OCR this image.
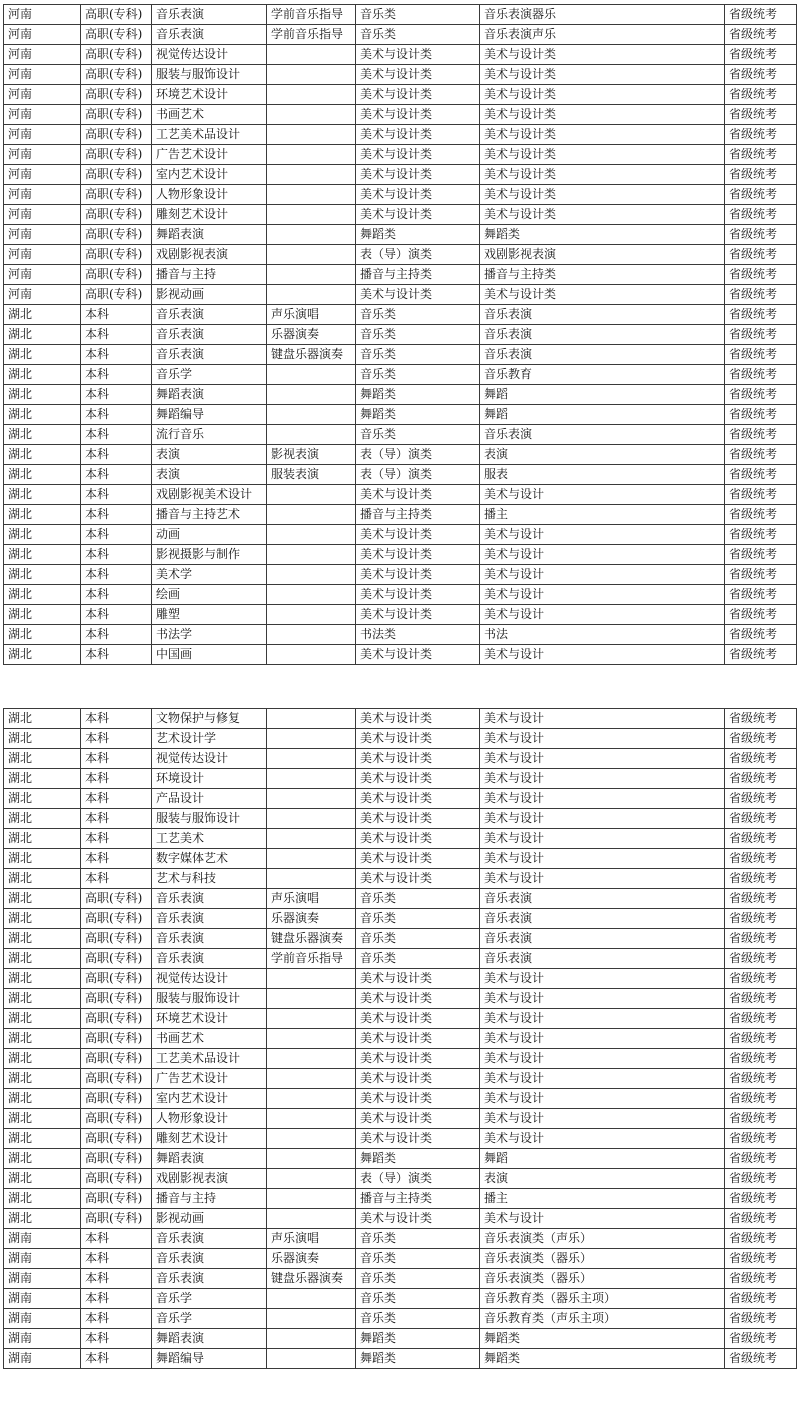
河南	高职(专科)	音乐表演	学前音乐指导	音乐类	音乐表演器乐	省级统考
河南	高职(专科)	音乐表演	学前音乐指导	音乐类	音乐表演声乐	省级统考
河南	高职(专科)	视觉传达设计		美术与设计类	美术与设计类	省级统考
河南	高职(专科)	服装与服饰设计		美术与设计类	美术与设计类	省级统考
河南	高职(专科)	环境艺术设计		美术与设计类	美术与设计类	省级统考
河南	高职(专科)	书画艺术		美术与设计类	美术与设计类	省级统考
河南	高职(专科)	工艺美术品设计		美术与设计类	美术与设计类	省级统考
河南	高职(专科)	广告艺术设计		美术与设计类	美术与设计类	省级统考
河南	高职(专科)	室内艺术设计		美术与设计类	美术与设计类	省级统考
河南	高职(专科)	人物形象设计		美术与设计类	美术与设计类	省级统考
河南	高职(专科)	雕刻艺术设计		美术与设计类	美术与设计类	省级统考
河南	高职(专科)	舞蹈表演		舞蹈类	舞蹈类	省级统考
河南	高职(专科)	戏剧影视表演		表（导）演类	戏剧影视表演	省级统考
河南	高职(专科)	播音与主持		播音与主持类	播音与主持类	省级统考
河南	高职(专科)	影视动画		美术与设计类	美术与设计类	省级统考
湖北	本科	音乐表演	声乐演唱	音乐类	音乐表演	省级统考
湖北	本科	音乐表演	乐器演奏	音乐类	音乐表演	省级统考
湖北	本科	音乐表演	键盘乐器演奏	音乐类	音乐表演	省级统考
湖北	本科	音乐学		音乐类	音乐教育	省级统考
湖北	本科	舞蹈表演		舞蹈类	舞蹈	省级统考
湖北	本科	舞蹈编导		舞蹈类	舞蹈	省级统考
湖北	本科	流行音乐		音乐类	音乐表演	省级统考
湖北	本科	表演	影视表演	表（导）演类	表演	省级统考
湖北	本科	表演	服装表演	表（导）演类	服表	省级统考
湖北	本科	戏剧影视美术设计		美术与设计类	美术与设计	省级统考
湖北	本科	播音与主持艺术		播音与主持类	播主	省级统考
湖北	本科	动画		美术与设计类	美术与设计	省级统考
湖北	本科	影视摄影与制作		美术与设计类	美术与设计	省级统考
湖北	本科	美术学		美术与设计类	美术与设计	省级统考
湖北	本科	绘画		美术与设计类	美术与设计	省级统考
湖北	本科	雕塑		美术与设计类	美术与设计	省级统考
湖北	本科	书法学		书法类	书法	省级统考
湖北	本科	中国画		美术与设计类	美术与设计	省级统考
湖北	本科	文物保护与修复		美术与设计类	美术与设计	省级统考
湖北	本科	艺术设计学		美术与设计类	美术与设计	省级统考
湖北	本科	视觉传达设计		美术与设计类	美术与设计	省级统考
湖北	本科	环境设计		美术与设计类	美术与设计	省级统考
湖北	本科	产品设计		美术与设计类	美术与设计	省级统考
湖北	本科	服装与服饰设计		美术与设计类	美术与设计	省级统考
湖北	本科	工艺美术		美术与设计类	美术与设计	省级统考
湖北	本科	数字媒体艺术		美术与设计类	美术与设计	省级统考
湖北	本科	艺术与科技		美术与设计类	美术与设计	省级统考
湖北	高职(专科)	音乐表演	声乐演唱	音乐类	音乐表演	省级统考
湖北	高职(专科)	音乐表演	乐器演奏	音乐类	音乐表演	省级统考
湖北	高职(专科)	音乐表演	键盘乐器演奏	音乐类	音乐表演	省级统考
湖北	高职(专科)	音乐表演	学前音乐指导	音乐类	音乐表演	省级统考
湖北	高职(专科)	视觉传达设计		美术与设计类	美术与设计	省级统考
湖北	高职(专科)	服装与服饰设计		美术与设计类	美术与设计	省级统考
湖北	高职(专科)	环境艺术设计		美术与设计类	美术与设计	省级统考
湖北	高职(专科)	书画艺术		美术与设计类	美术与设计	省级统考
湖北	高职(专科)	工艺美术品设计		美术与设计类	美术与设计	省级统考
湖北	高职(专科)	广告艺术设计		美术与设计类	美术与设计	省级统考
湖北	高职(专科)	室内艺术设计		美术与设计类	美术与设计	省级统考
湖北	高职(专科)	人物形象设计		美术与设计类	美术与设计	省级统考
湖北	高职(专科)	雕刻艺术设计		美术与设计类	美术与设计	省级统考
湖北	高职(专科)	舞蹈表演		舞蹈类	舞蹈	省级统考
湖北	高职(专科)	戏剧影视表演		表（导）演类	表演	省级统考
湖北	高职(专科)	播音与主持		播音与主持类	播主	省级统考
湖北	高职(专科)	影视动画		美术与设计类	美术与设计	省级统考
湖南	本科	音乐表演	声乐演唱	音乐类	音乐表演类（声乐）	省级统考
湖南	本科	音乐表演	乐器演奏	音乐类	音乐表演类（器乐）	省级统考
湖南	本科	音乐表演	键盘乐器演奏	音乐类	音乐表演类（器乐）	省级统考
湖南	本科	音乐学		音乐类	音乐教育类（器乐主项）	省级统考
湖南	本科	音乐学		音乐类	音乐教育类（声乐主项）	省级统考
湖南	本科	舞蹈表演		舞蹈类	舞蹈类	省级统考
湖南	本科	舞蹈编导		舞蹈类	舞蹈类	省级统考
